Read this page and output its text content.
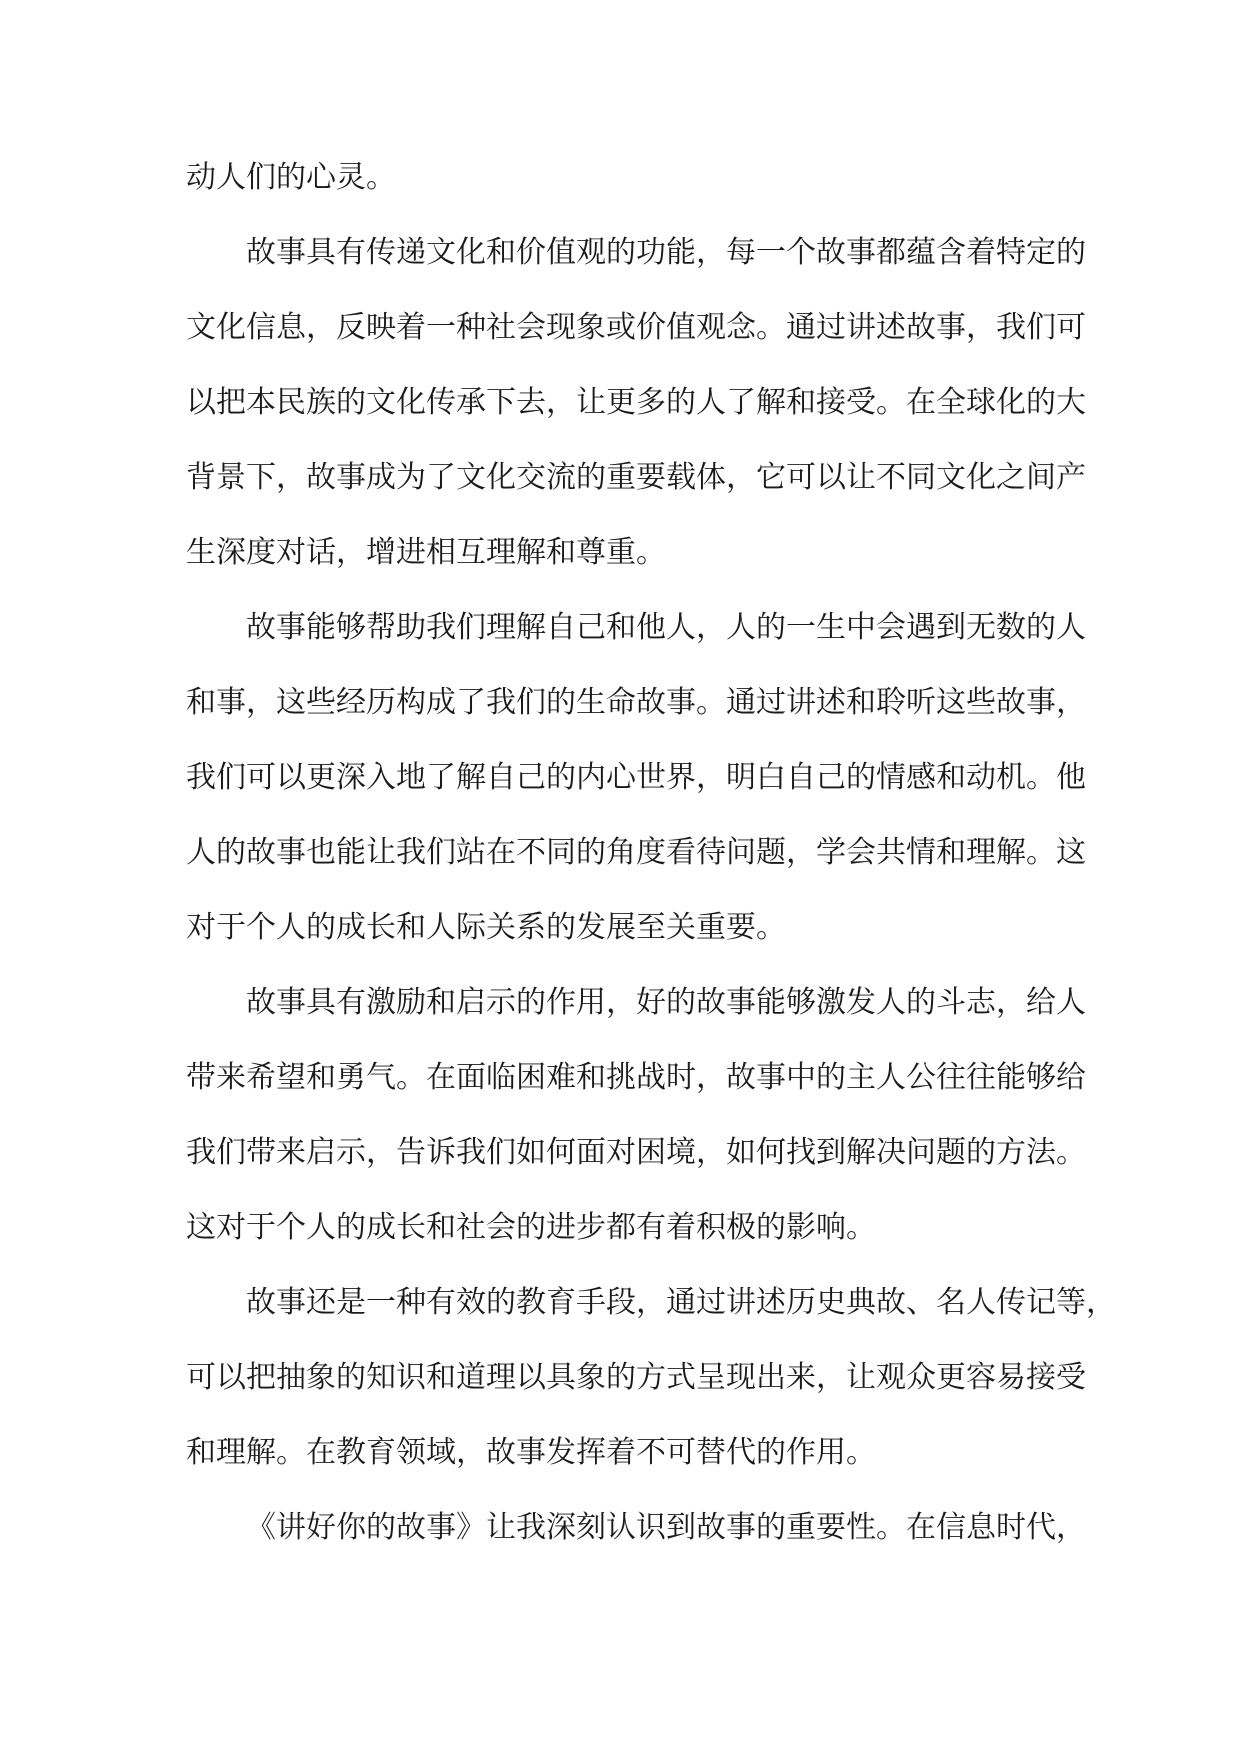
动人们的心灵。
故事具有传递文化和价值观的功能，每一个故事都蕴含着特定的
文化信息，反映着一种社会现象或价值观念。通过讲述故事，我们可
以把本民族的文化传承下去，让更多的人了解和接受。在全球化的大
背景下，故事成为了文化交流的重要载体，它可以让不同文化之间产
生深度对话，增进相互理解和尊重。
故事能够帮助我们理解自己和他人，人的一生中会遇到无数的人
和事，这些经历构成了我们的生命故事。通过讲述和聆听这些故事，
我们可以更深入地了解自己的内心世界，明白自己的情感和动机。他
人的故事也能让我们站在不同的角度看待问题，学会共情和理解。这
对于个人的成长和人际关系的发展至关重要。
故事具有激励和启示的作用，好的故事能够激发人的斗志，给人
带来希望和勇气。在面临困难和挑战时，故事中的主人公往往能够给
我们带来启示，告诉我们如何面对困境，如何找到解决问题的方法。
这对于个人的成长和社会的进步都有着积极的影响。
故事还是一种有效的教育手段，通过讲述历史典故、名人传记等，
可以把抽象的知识和道理以具象的方式呈现出来，让观众更容易接受
和理解。在教育领域，故事发挥着不可替代的作用。
《讲好你的故事》让我深刻认识到故事的重要性。在信息时代，
